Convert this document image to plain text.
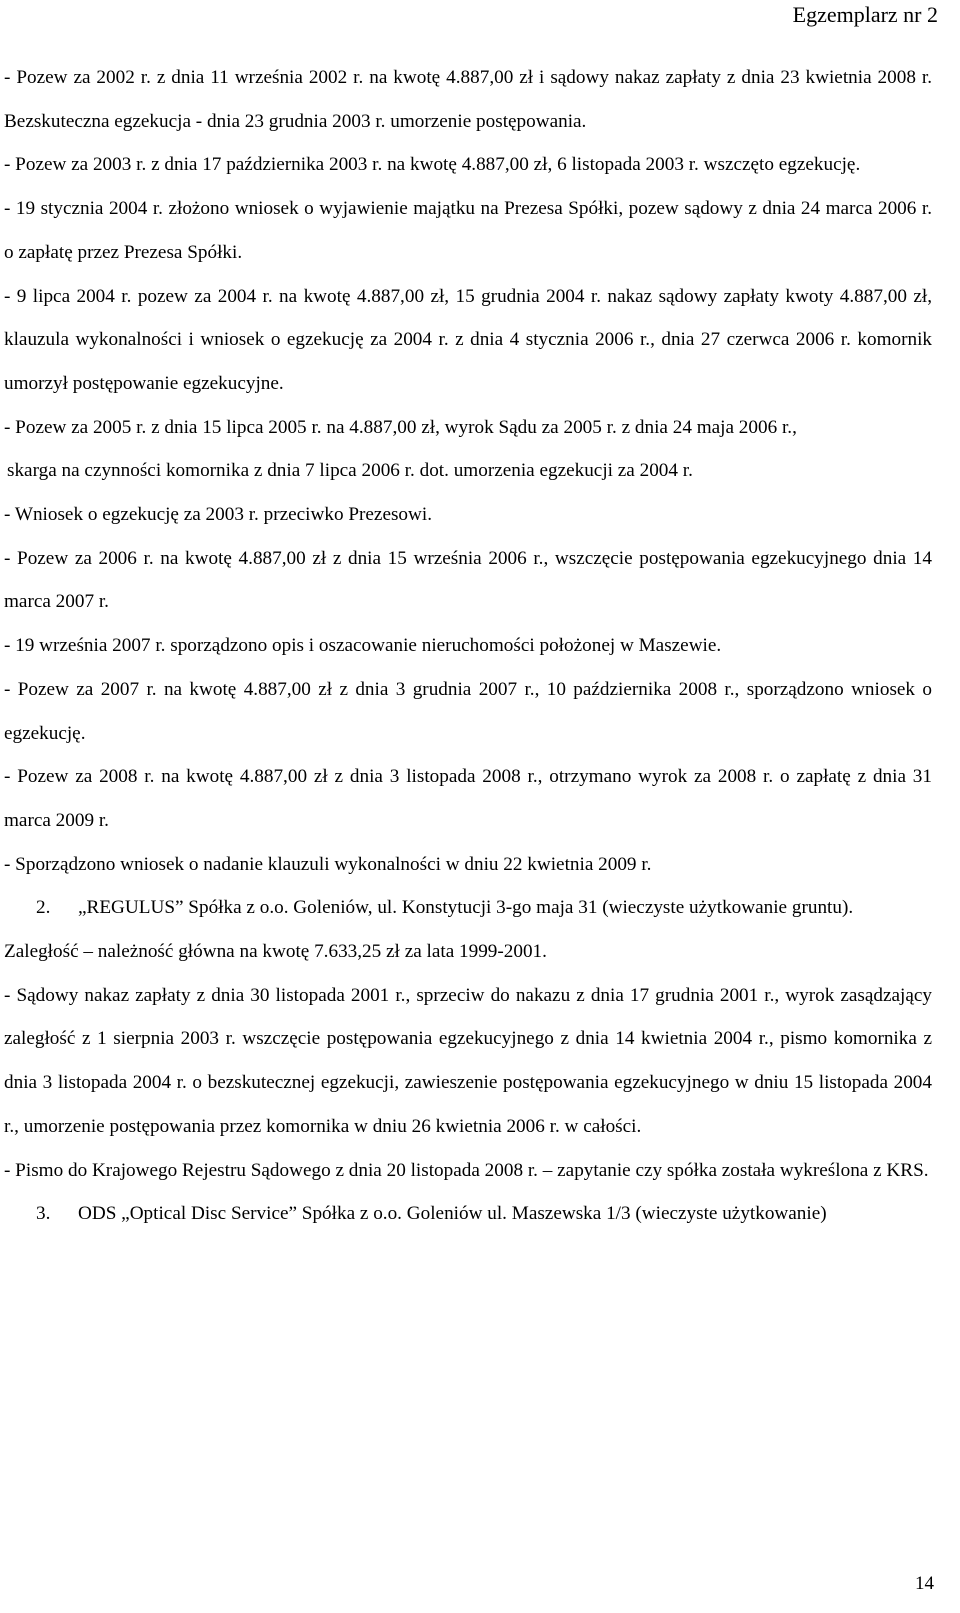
Egzemplarz nr 2

- Pozew za 2002 r. z dnia 11 września 2002 r. na kwotę 4.887,00 zł i sądowy nakaz zapłaty z dnia 23 kwietnia 2008 r. Bezskuteczna egzekucja - dnia 23 grudnia 2003 r. umorzenie postępowania.

- Pozew za 2003 r. z dnia 17 października 2003 r. na kwotę 4.887,00 zł, 6 listopada 2003 r. wszczęto egzekucję.

- 19 stycznia 2004 r. złożono wniosek o wyjawienie majątku na Prezesa Spółki, pozew sądowy z dnia 24 marca 2006 r. o zapłatę przez Prezesa Spółki.

- 9 lipca 2004 r. pozew za 2004 r. na kwotę 4.887,00 zł, 15 grudnia 2004 r. nakaz sądowy zapłaty kwoty 4.887,00 zł, klauzula wykonalności i wniosek o egzekucję za 2004 r. z dnia 4 stycznia 2006 r., dnia 27 czerwca 2006 r. komornik umorzył postępowanie egzekucyjne.

- Pozew za 2005 r. z dnia 15 lipca 2005 r. na 4.887,00 zł, wyrok Sądu za 2005 r. z dnia 24 maja 2006 r.,

skarga na czynności komornika z dnia 7 lipca 2006 r. dot. umorzenia egzekucji za 2004 r.

- Wniosek o egzekucję za 2003 r. przeciwko Prezesowi.

- Pozew za 2006 r. na kwotę 4.887,00 zł z dnia 15 września 2006 r., wszczęcie postępowania egzekucyjnego dnia 14 marca 2007 r.

- 19 września 2007 r. sporządzono opis i oszacowanie nieruchomości położonej w Maszewie.

- Pozew za 2007 r. na kwotę 4.887,00 zł z dnia 3 grudnia 2007 r., 10 października 2008 r., sporządzono wniosek o egzekucję.

- Pozew za 2008 r. na kwotę 4.887,00 zł z dnia 3 listopada 2008 r., otrzymano wyrok za 2008 r. o zapłatę z dnia 31 marca 2009 r.

- Sporządzono wniosek o nadanie klauzuli wykonalności w dniu 22 kwietnia 2009 r.

2.	„REGULUS” Spółka z o.o. Goleniów, ul. Konstytucji 3-go maja 31 (wieczyste użytkowanie gruntu).

Zaległość – należność główna na kwotę 7.633,25 zł za lata 1999-2001.

- Sądowy nakaz zapłaty z dnia 30 listopada 2001 r., sprzeciw do nakazu z dnia 17 grudnia 2001 r., wyrok zasądzający zaległość z 1 sierpnia 2003 r. wszczęcie postępowania egzekucyjnego z dnia 14 kwietnia 2004 r., pismo komornika z dnia 3 listopada 2004 r. o bezskutecznej egzekucji, zawieszenie postępowania egzekucyjnego w dniu 15 listopada 2004 r., umorzenie postępowania przez komornika w dniu 26 kwietnia 2006 r. w całości.

- Pismo do Krajowego Rejestru Sądowego z dnia 20 listopada 2008 r. – zapytanie czy spółka została wykreślona z KRS.

3.	ODS „Optical Disc Service” Spółka z o.o. Goleniów ul. Maszewska 1/3 (wieczyste użytkowanie)
14
